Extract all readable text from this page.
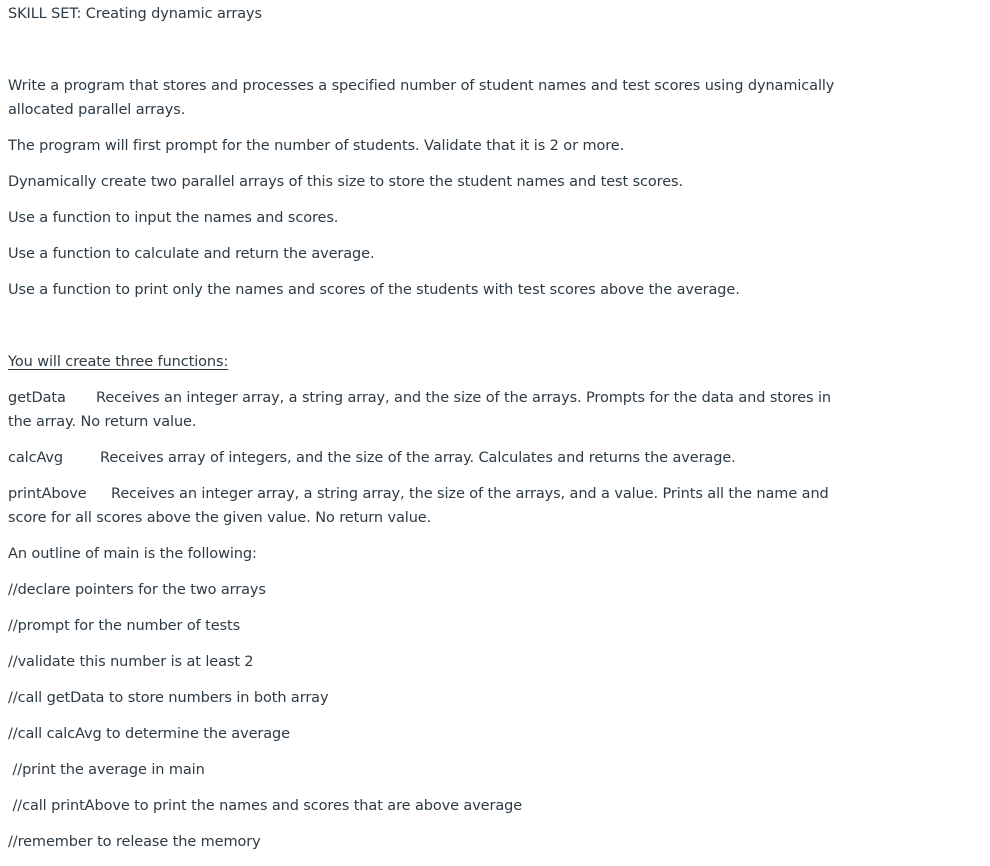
SKILL SET: Creating dynamic arrays
Write a program that stores and processes a specified number of student names and test scores using dynamically allocated parallel arrays.
The program will first prompt for the number of students. Validate that it is 2 or more.
Dynamically create two parallel arrays of this size to store the student names and test scores.
Use a function to input the names and scores.
Use a function to calculate and return the average.
Use a function to print only the names and scores of the students with test scores above the average.
You will create three functions:
getData Receives an integer array, a string array, and the size of the arrays. Prompts for the data and stores in the array. No return value.
calcAvg	Receives array of integers, and the size of the array. Calculates and returns the average.
printAbove Receives an integer array, a string array, the size of the arrays, and a value. Prints all the name and score for all scores above the given value. No return value.
An outline of main is the following:
//declare pointers for the two arrays
//prompt for the number of tests
//validate this number is at least 2
//call getData to store numbers in both array
//call calcAvg to determine the average
//print the average in main
//call printAbove to print the names and scores that are above average
//remember to release the memory
